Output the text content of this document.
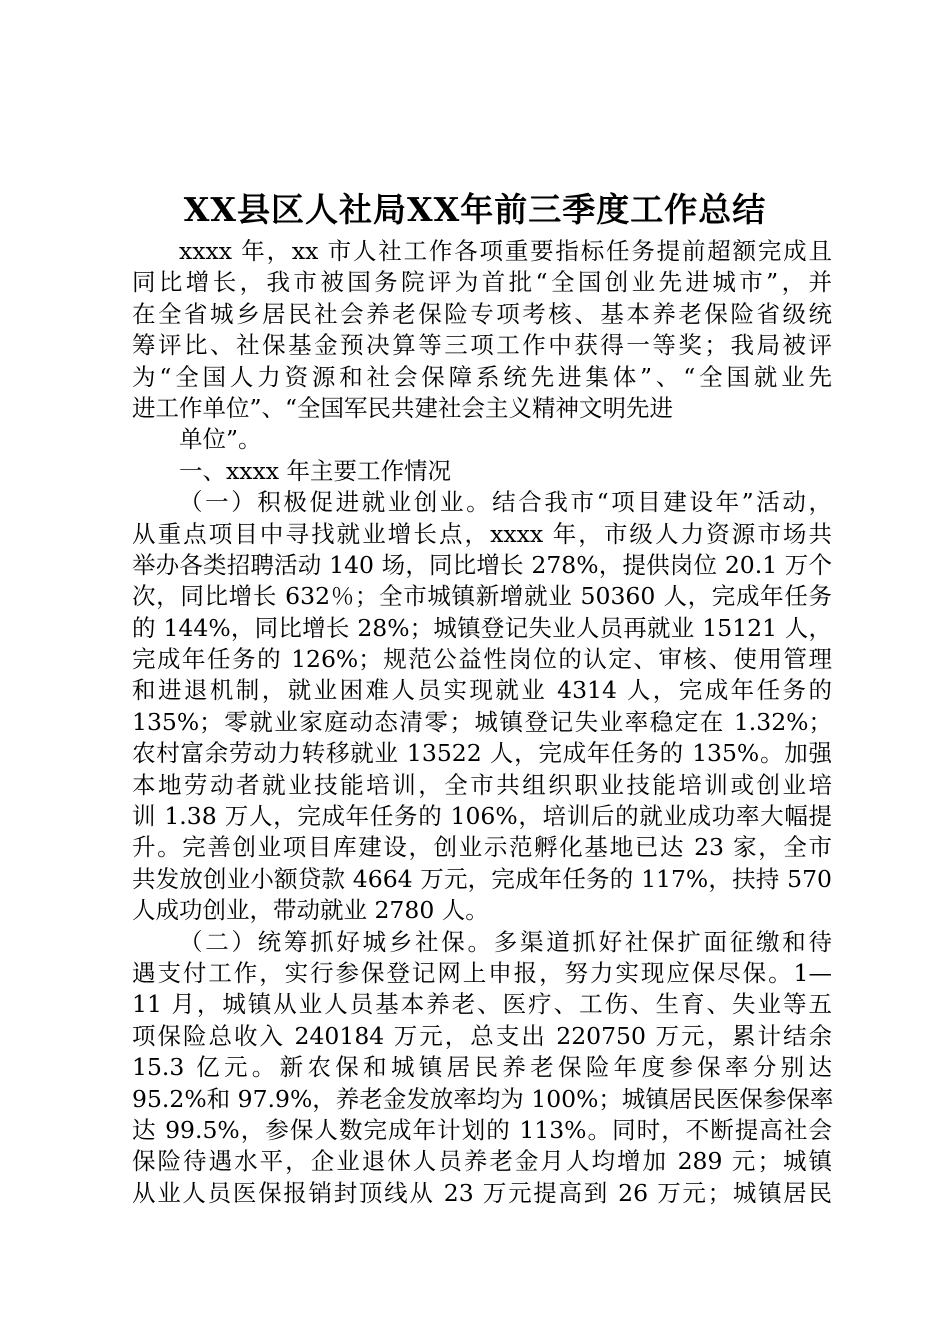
XX县区人社局XX年前三季度工作总结
xxxx 年，xx 市人社工作各项重要指标任务提前超额完成且
同比增长，我市被国务院评为首批“全国创业先进城市”，并
在全省城乡居民社会养老保险专项考核、基本养老保险省级统
筹评比、社保基金预决算等三项工作中获得一等奖；我局被评
为“全国人力资源和社会保障系统先进集体”、“全国就业先
进工作单位”、“全国军民共建社会主义精神文明先进
单位”。
一、xxxx 年主要工作情况
（一）积极促进就业创业。结合我市“项目建设年”活动，
从重点项目中寻找就业增长点，xxxx 年，市级人力资源市场共
举办各类招聘活动 140 场，同比增长 278%，提供岗位 20.1 万个
次，同比增长 632％；全市城镇新增就业 50360 人，完成年任务
的 144%，同比增长 28%；城镇登记失业人员再就业 15121 人，
完成年任务的 126%；规范公益性岗位的认定、审核、使用管理
和进退机制，就业困难人员实现就业 4314 人，完成年任务的
135%；零就业家庭动态清零；城镇登记失业率稳定在 1.32%；
农村富余劳动力转移就业 13522 人，完成年任务的 135%。加强
本地劳动者就业技能培训，全市共组织职业技能培训或创业培
训 1.38 万人，完成年任务的 106%，培训后的就业成功率大幅提
升。完善创业项目库建设，创业示范孵化基地已达 23 家，全市
共发放创业小额贷款 4664 万元，完成年任务的 117%，扶持 570
人成功创业，带动就业 2780 人。
（二）统筹抓好城乡社保。多渠道抓好社保扩面征缴和待
遇支付工作，实行参保登记网上申报，努力实现应保尽保。1—
11 月，城镇从业人员基本养老、医疗、工伤、生育、失业等五
项保险总收入 240184 万元，总支出 220750 万元，累计结余
15.3 亿元。新农保和城镇居民养老保险年度参保率分别达
95.2%和 97.9%，养老金发放率均为 100%；城镇居民医保参保率
达 99.5%，参保人数完成年计划的 113%。同时，不断提高社会
保险待遇水平，企业退休人员养老金月人均增加 289 元；城镇
从业人员医保报销封顶线从 23 万元提高到 26 万元；城镇居民
